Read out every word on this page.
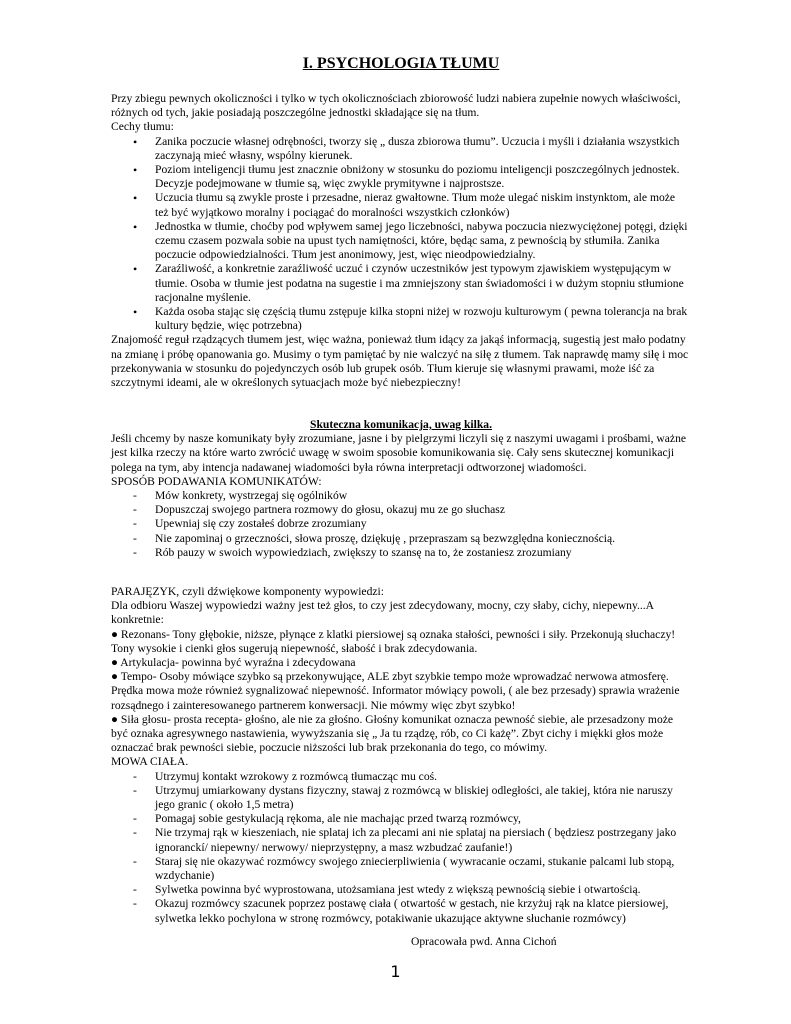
I. PSYCHOLOGIA TŁUMU

Przy zbiegu pewnych okoliczności i tylko w tych okolicznościach zbiorowość ludzi nabiera zupełnie nowych właściwości, różnych od tych, jakie posiadają poszczególne jednostki składające się na tłum.

Cechy tłumu:

• Zanika poczucie własnej odrębności, tworzy się „ dusza zbiorowa tłumu”. Uczucia i myśli i działania wszystkich zaczynają mieć własny, wspólny kierunek.
• Poziom inteligencji tłumu jest znacznie obniżony w stosunku do poziomu inteligencji poszczególnych jednostek. Decyzje podejmowane w tłumie są, więc zwykle prymitywne i najprostsze.
• Uczucia tłumu są zwykle proste i przesadne, nieraz gwałtowne. Tłum może ulegać niskim instynktom, ale może też być wyjątkowo moralny i pociągać do moralności wszystkich członków)
• Jednostka w tłumie, choćby pod wpływem samej jego liczebności, nabywa poczucia niezwyciężonej potęgi, dzięki czemu czasem pozwala sobie na upust tych namiętności, które, będąc sama, z pewnością by stłumiła. Zanika poczucie odpowiedzialności. Tłum jest anonimowy, jest, więc nieodpowiedzialny.
• Zaraźliwość, a konkretnie zaraźliwość uczuć i czynów uczestników jest typowym zjawiskiem występującym w tłumie. Osoba w tłumie jest podatna na sugestie i ma zmniejszony stan świadomości i w dużym stopniu stłumione racjonalne myślenie.
• Każda osoba stając się częścią tłumu zstępuje kilka stopni niżej w rozwoju kulturowym ( pewna tolerancja na brak kultury będzie, więc potrzebna)

Znajomość reguł rządzących tłumem jest, więc ważna, ponieważ tłum idący za jakąś informacją, sugestią jest mało podatny na zmianę i próbę opanowania go. Musimy o tym pamiętać by nie walczyć na siłę z tłumem. Tak naprawdę mamy siłę i moc przekonywania w stosunku do pojedynczych osób lub grupek osób. Tłum kieruje się własnymi prawami, może iść za szczytnymi ideami, ale w określonych sytuacjach może być niebezpieczny!

Skuteczna komunikacja, uwag kilka.

Jeśli chcemy by nasze komunikaty były zrozumiane, jasne i by pielgrzymi liczyli się z naszymi uwagami i prośbami, ważne jest kilka rzeczy na które warto zwrócić uwagę w swoim sposobie komunikowania się. Cały sens skutecznej komunikacji polega na tym, aby intencja nadawanej wiadomości była równa interpretacji odtworzonej wiadomości.

SPOSÓB PODAWANIA KOMUNIKATÓW:

- Mów konkrety, wystrzegaj się ogólników
- Dopuszczaj swojego partnera rozmowy do głosu, okazuj mu ze go słuchasz
- Upewniaj się czy zostałeś dobrze zrozumiany
- Nie zapominaj o grzeczności, słowa proszę, dziękuję , przepraszam są bezwzględna koniecznością.
- Rób pauzy w swoich wypowiedziach, zwiększy to szansę na to, że zostaniesz zrozumiany

PARAJĘZYK, czyli dźwiękowe komponenty wypowiedzi:

Dla odbioru Waszej wypowiedzi ważny jest też głos, to czy jest zdecydowany, mocny, czy słaby, cichy, niepewny...A konkretnie:

● Rezonans- Tony głębokie, niższe, płynące z klatki piersiowej są oznaka stałości, pewności i siły. Przekonują słuchaczy! Tony wysokie i cienki głos sugerują niepewność, słabość i brak zdecydowania.

● Artykulacja- powinna być wyraźna i zdecydowana

● Tempo- Osoby mówiące szybko są przekonywujące, ALE zbyt szybkie tempo może wprowadzać nerwowa atmosferę. Prędka mowa może również sygnalizować niepewność. Informator mówiący powoli, ( ale bez przesady) sprawia wrażenie rozsądnego i zainteresowanego partnerem konwersacji. Nie mówmy więc zbyt szybko!

● Siła głosu- prosta recepta- głośno, ale nie za głośno. Głośny komunikat oznacza pewność siebie, ale przesadzony może być oznaka agresywnego nastawienia, wywyższania się „ Ja tu rządzę, rób, co Ci każę”. Zbyt cichy i miękki głos może oznaczać brak pewności siebie, poczucie niższości lub brak przekonania do tego, co mówimy.

MOWA CIAŁA.

- Utrzymuj kontakt wzrokowy z rozmówcą tłumacząc mu coś.
- Utrzymuj umiarkowany dystans fizyczny, stawaj z rozmówcą w bliskiej odległości, ale takiej, która nie naruszy jego granic ( około 1,5 metra)
- Pomagaj sobie gestykulacją rękoma, ale nie machając przed twarzą rozmówcy,
- Nie trzymaj rąk w kieszeniach, nie splataj ich za plecami ani nie splataj na piersiach ( będziesz postrzegany jako ignoranckí/ niepewny/ nerwowy/ nieprzystępny, a masz wzbudzać zaufanie!)
- Staraj się nie okazywać rozmówcy swojego zniecierpliwienia ( wywracanie oczami, stukanie palcami lub stopą, wzdychanie)
- Sylwetka powinna być wyprostowana, utożsamiana jest wtedy z większą pewnością siebie i otwartością.
- Okazuj rozmówcy szacunek poprzez postawę ciała ( otwartość w gestach, nie krzyżuj rąk na klatce piersiowej, sylwetka lekko pochylona w stronę rozmówcy, potakiwanie ukazujące aktywne słuchanie rozmówcy)

Opracowała pwd. Anna Cichoń

1
